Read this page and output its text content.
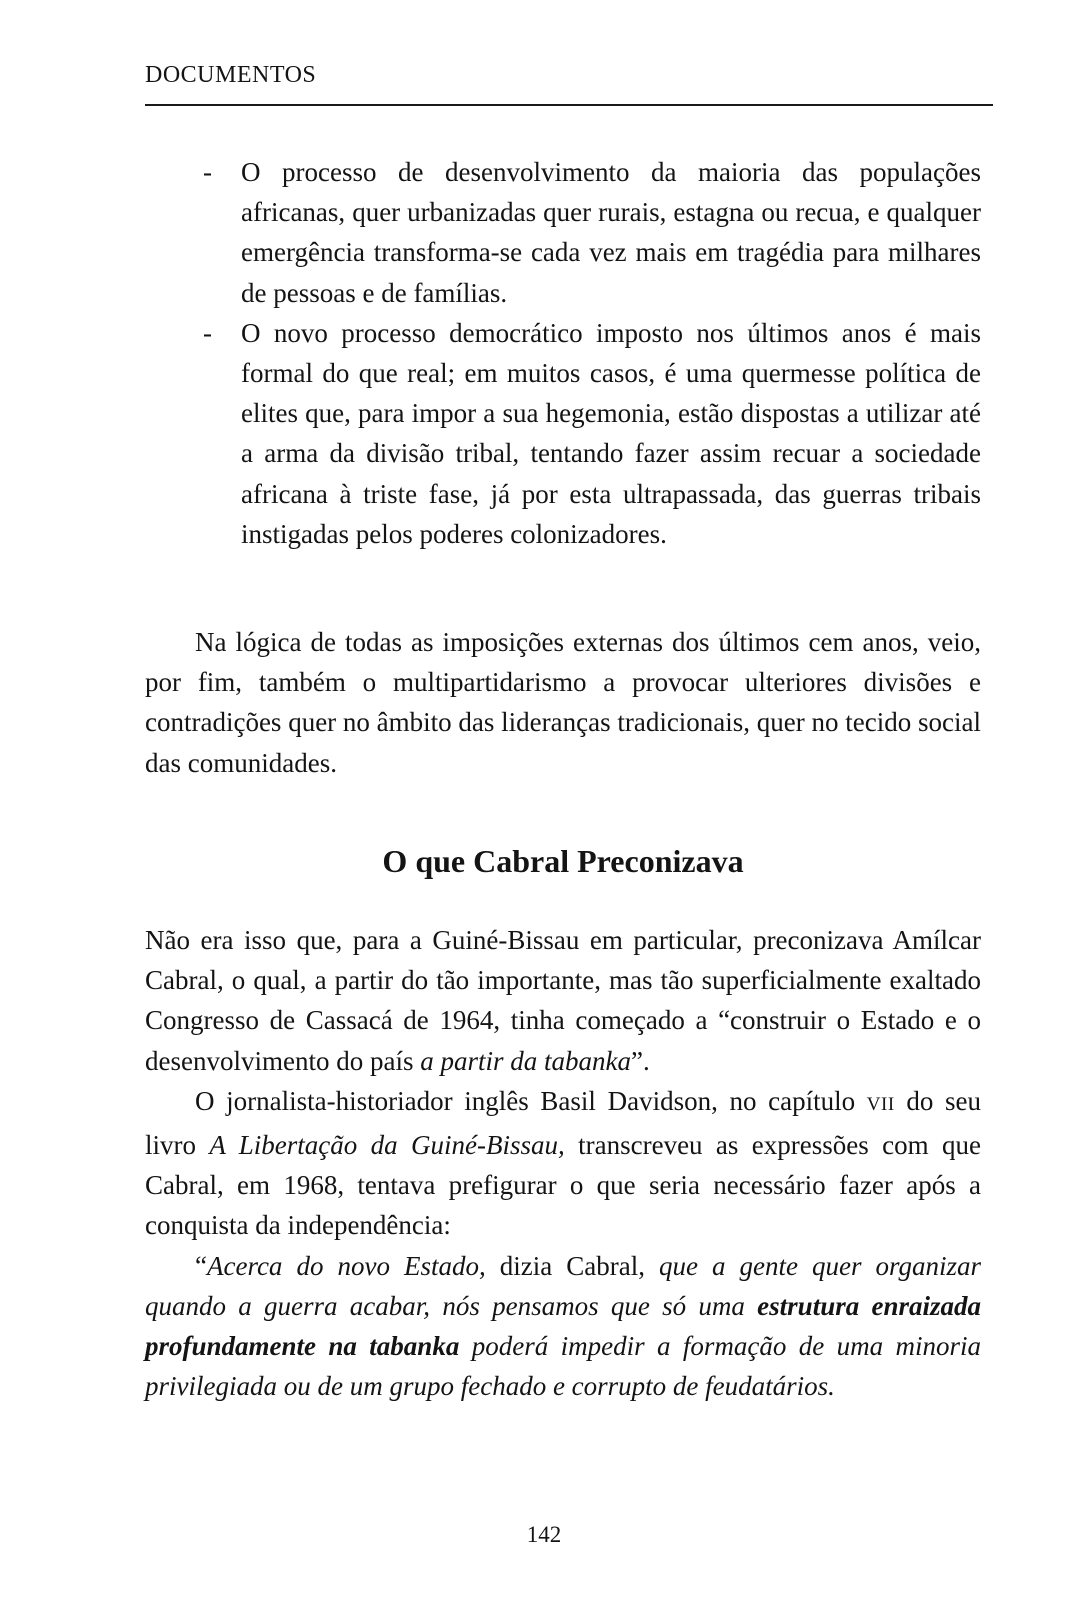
DOCUMENTOS

- O processo de desenvolvimento da maioria das populações africanas, quer urbanizadas quer rurais, estagna ou recua, e qualquer emergência transforma-se cada vez mais em tragédia para milhares de pessoas e de famílias.

- O novo processo democrático imposto nos últimos anos é mais formal do que real; em muitos casos, é uma quermesse política de elites que, para impor a sua hegemonia, estão dispostas a utilizar até a arma da divisão tribal, tentando fazer assim recuar a sociedade africana à triste fase, já por esta ultrapassada, das guerras tribais instigadas pelos poderes colonizadores.

Na lógica de todas as imposições externas dos últimos cem anos, veio, por fim, também o multipartidarismo a provocar ulteriores divisões e contradições quer no âmbito das lideranças tradicionais, quer no tecido social das comunidades.

O que Cabral Preconizava

Não era isso que, para a Guiné-Bissau em particular, preconizava Amílcar Cabral, o qual, a partir do tão importante, mas tão superficialmente exaltado Congresso de Cassacá de 1964, tinha começado a “construir o Estado e o desenvolvimento do país a partir da tabanka”.

O jornalista-historiador inglês Basil Davidson, no capítulo VII do seu livro A Libertação da Guiné-Bissau, transcreveu as expressões com que Cabral, em 1968, tentava prefigurar o que seria necessário fazer após a conquista da independência:

“Acerca do novo Estado, dizia Cabral, que a gente quer organizar quando a guerra acabar, nós pensamos que só uma estrutura enraizada profundamente na tabanka poderá impedir a formação de uma minoria privilegiada ou de um grupo fechado e corrupto de feudatários.

142
